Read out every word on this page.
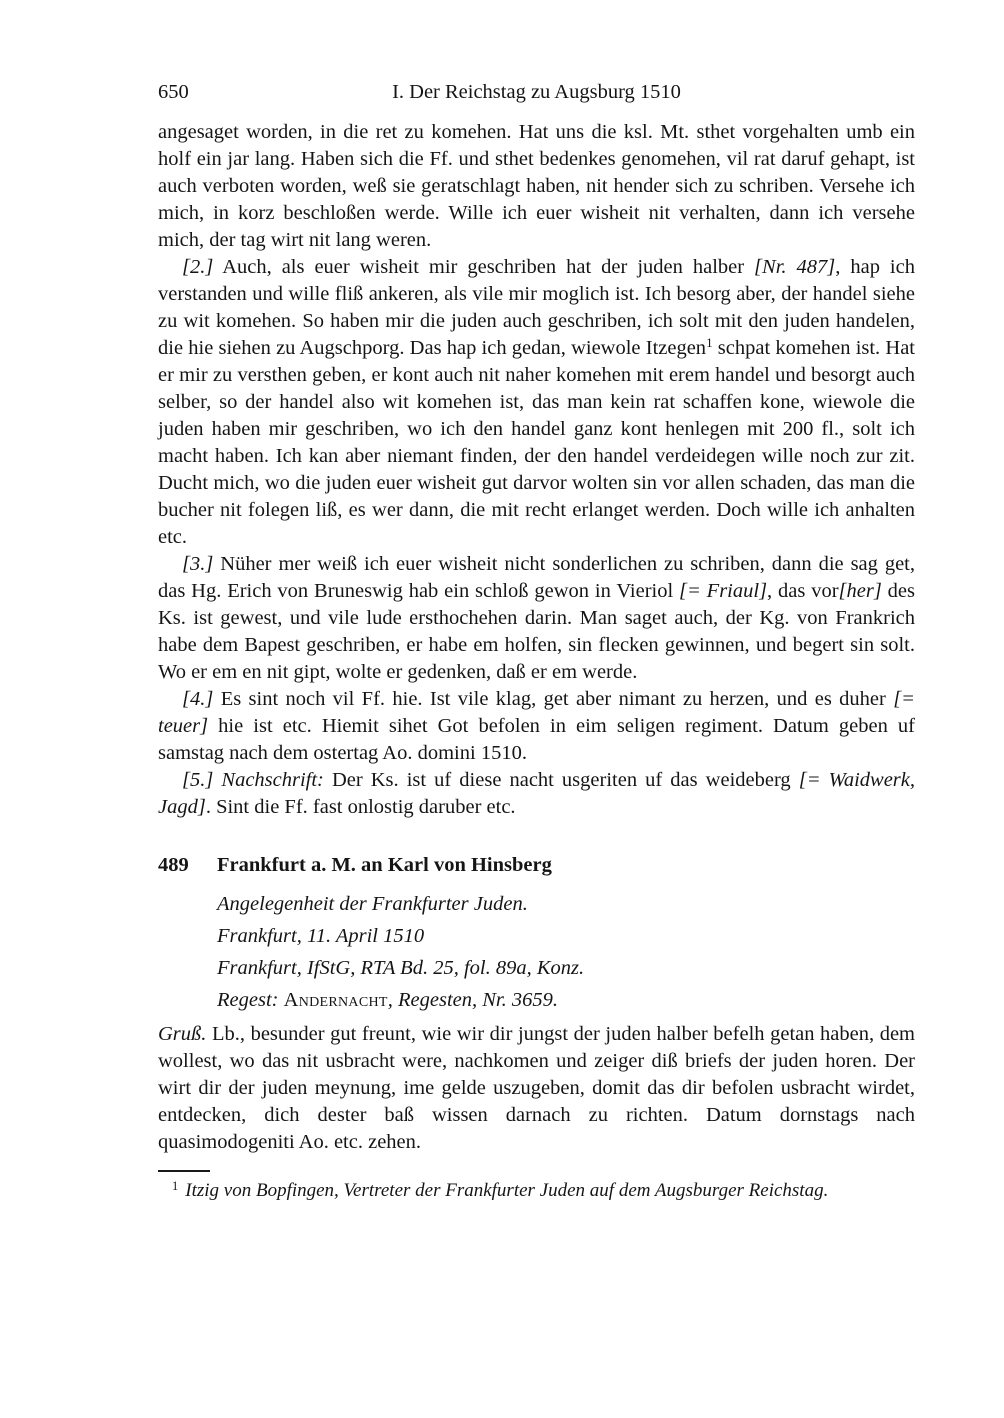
650	I. Der Reichstag zu Augsburg 1510

angesaget worden, in die ret zu komehen. Hat uns die ksl. Mt. sthet vorgehalten umb ein holf ein jar lang. Haben sich die Ff. und sthet bedenkes genomehen, vil rat daruf gehapt, ist auch verboten worden, weß sie geratschlagt haben, nit hender sich zu schriben. Versehe ich mich, in korz beschloßen werde. Wille ich euer wisheit nit verhalten, dann ich versehe mich, der tag wirt nit lang weren.

[2.] Auch, als euer wisheit mir geschriben hat der juden halber [Nr. 487], hap ich verstanden und wille fliß ankeren, als vile mir moglich ist. Ich besorg aber, der handel siehe zu wit komehen. So haben mir die juden auch geschriben, ich solt mit den juden handelen, die hie siehen zu Augschporg. Das hap ich gedan, wiewole Itzegen$^1$ schpat komehen ist. Hat er mir zu versthen geben, er kont auch nit naher komehen mit erem handel und besorgt auch selber, so der handel also wit komehen ist, das man kein rat schaffen kone, wiewole die juden haben mir geschriben, wo ich den handel ganz kont henlegen mit 200 fl., solt ich macht haben. Ich kan aber niemant finden, der den handel verdeidegen wille noch zur zit. Ducht mich, wo die juden euer wisheit gut darvor wolten sin vor allen schaden, das man die bucher nit folegen liß, es wer dann, die mit recht erlanget werden. Doch wille ich anhalten etc.

[3.] Nüher mer weiß ich euer wisheit nicht sonderlichen zu schriben, dann die sag get, das Hg. Erich von Bruneswig hab ein schloß gewon in Vieriol [= Friaul], das vor[her] des Ks. ist gewest, und vile lude ersthochehen darin. Man saget auch, der Kg. von Frankrich habe dem Bapest geschriben, er habe em holfen, sin flecken gewinnen, und begert sin solt. Wo er em en nit gipt, wolte er gedenken, daß er em werde.

[4.] Es sint noch vil Ff. hie. Ist vile klag, get aber nimant zu herzen, und es duher [= teuer] hie ist etc. Hiemit sihet Got befolen in eim seligen regiment. Datum geben uf samstag nach dem ostertag Ao. domini 1510.

[5.] Nachschrift: Der Ks. ist uf diese nacht usgeriten uf das weideberg [= Waidwerk, Jagd]. Sint die Ff. fast onlostig daruber etc.

489	Frankfurt a. M. an Karl von Hinsberg

Angelegenheit der Frankfurter Juden.

Frankfurt, 11. April 1510

Frankfurt, IfStG, RTA Bd. 25, fol. 89a, Konz.

Regest: Andernacht, Regesten, Nr. 3659.

Gruß. Lb., besunder gut freunt, wie wir dir jungst der juden halber befelh getan haben, dem wollest, wo das nit usbracht were, nachkomen und zeiger diß briefs der juden horen. Der wirt dir der juden meynung, ime gelde uszugeben, domit das dir befolen usbracht wirdet, entdecken, dich dester baß wissen darnach zu richten. Datum dornstags nach quasimodogeniti Ao. etc. zehen.

$^1$ Itzig von Bopfingen, Vertreter der Frankfurter Juden auf dem Augsburger Reichstag.
